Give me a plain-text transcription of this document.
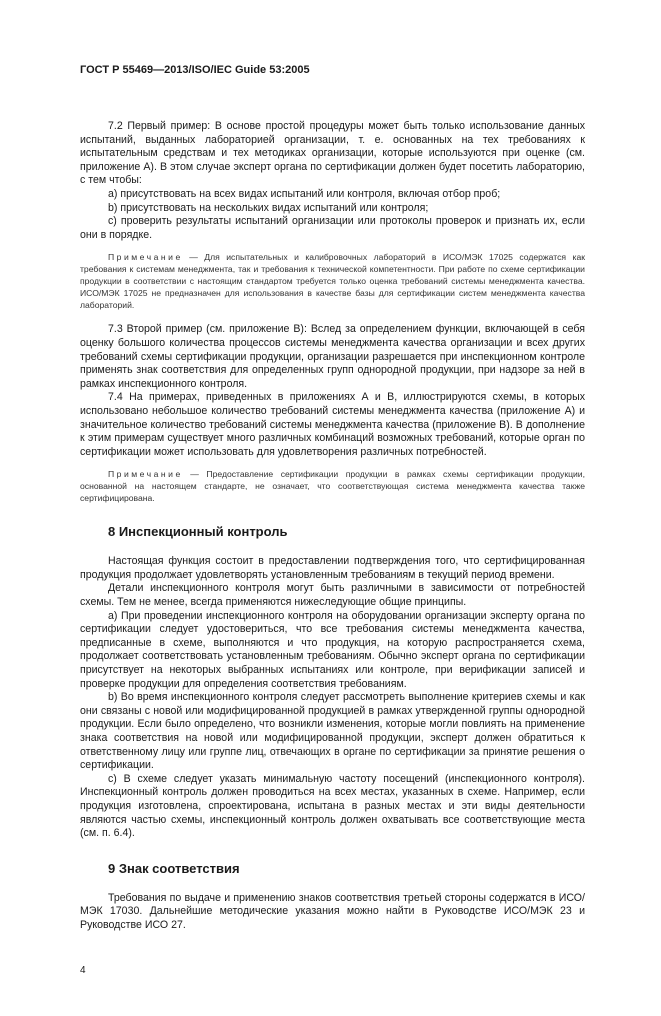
ГОСТ Р 55469—2013/ISO/IEC Guide 53:2005

7.2 Первый пример: В основе простой процедуры может быть только использование данных испытаний, выданных лабораторией организации, т. е. основанных на тех требованиях к испытательным средствам и тех методиках организации, которые используются при оценке (см. приложение А). В этом случае эксперт органа по сертификации должен будет посетить лабораторию, с тем чтобы:

a) присутствовать на всех видах испытаний или контроля, включая отбор проб;

b) присутствовать на нескольких видах испытаний или контроля;

c) проверить результаты испытаний организации или протоколы проверок и признать их, если они в порядке.

Примечание — Для испытательных и калибровочных лабораторий в ИСО/МЭК 17025 содержатся как требования к системам менеджмента, так и требования к технической компетентности. При работе по схеме сертификации продукции в соответствии с настоящим стандартом требуется только оценка требований системы менеджмента качества. ИСО/МЭК 17025 не предназначен для использования в качестве базы для сертификации систем менеджмента качества лабораторий.

7.3 Второй пример (см. приложение В): Вслед за определением функции, включающей в себя оценку большого количества процессов системы менеджмента качества организации и всех других требований схемы сертификации продукции, организации разрешается при инспекционном контроле применять знак соответствия для определенных групп однородной продукции, при надзоре за ней в рамках инспекционного контроля.

7.4 На примерах, приведенных в приложениях А и В, иллюстрируются схемы, в которых использовано небольшое количество требований системы менеджмента качества (приложение А) и значительное количество требований системы менеджмента качества (приложение В). В дополнение к этим примерам существует много различных комбинаций возможных требований, которые орган по сертификации может использовать для удовлетворения различных потребностей.

Примечание — Предоставление сертификации продукции в рамках схемы сертификации продукции, основанной на настоящем стандарте, не означает, что соответствующая система менеджмента качества также сертифицирована.

8 Инспекционный контроль

Настоящая функция состоит в предоставлении подтверждения того, что сертифицированная продукция продолжает удовлетворять установленным требованиям в текущий период времени.

Детали инспекционного контроля могут быть различными в зависимости от потребностей схемы. Тем не менее, всегда применяются нижеследующие общие принципы.

a) При проведении инспекционного контроля на оборудовании организации эксперту органа по сертификации следует удостовериться, что все требования системы менеджмента качества, предписанные в схеме, выполняются и что продукция, на которую распространяется схема, продолжает соответствовать установленным требованиям. Обычно эксперт органа по сертификации присутствует на некоторых выбранных испытаниях или контроле, при верификации записей и проверке продукции для определения соответствия требованиям.

b) Во время инспекционного контроля следует рассмотреть выполнение критериев схемы и как они связаны с новой или модифицированной продукцией в рамках утвержденной группы однородной продукции. Если было определено, что возникли изменения, которые могли повлиять на применение знака соответствия на новой или модифицированной продукции, эксперт должен обратиться к ответственному лицу или группе лиц, отвечающих в органе по сертификации за принятие решения о сертификации.

c) В схеме следует указать минимальную частоту посещений (инспекционного контроля). Инспекционный контроль должен проводиться на всех местах, указанных в схеме. Например, если продукция изготовлена, спроектирована, испытана в разных местах и эти виды деятельности являются частью схемы, инспекционный контроль должен охватывать все соответствующие места (см. п. 6.4).

9 Знак соответствия

Требования по выдаче и применению знаков соответствия третьей стороны содержатся в ИСО/МЭК 17030. Дальнейшие методические указания можно найти в Руководстве ИСО/МЭК 23 и Руководстве ИСО 27.

4
